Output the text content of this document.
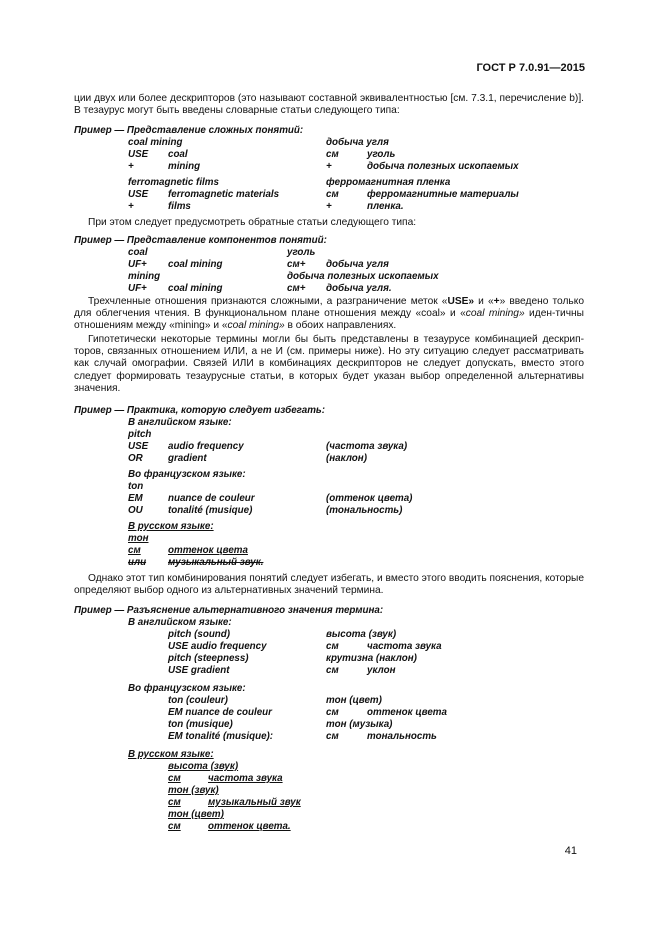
ГОСТ Р 7.0.91—2015
ции двух или более дескрипторов (это называют составной эквивалентностью [см. 7.3.1, перечисление b)]. В тезаурус могут быть введены словарные статьи следующего типа:
Пример — Представление сложных понятий:
coal mining	добыча угля
USE coal	см	уголь
+	mining	+	добыча полезных ископаемых
ferromagnetic films	ферромагнитная пленка
USE ferromagnetic materials	см	ферромагнитные материалы
+	films	+	пленка.
При этом следует предусмотреть обратные статьи следующего типа:
Пример — Представление компонентов понятий:
coal	уголь
UF+ coal mining	см+ добыча угля
mining	добыча полезных ископаемых
UF+ coal mining	см+ добыча угля.
Трехчленные отношения признаются сложными, а разграничение меток «USE» и «+» введено только для облегчения чтения. В функциональном плане отношения между «coal» и «coal mining» иден-тичны отношениям между «mining» и «coal mining» в обоих направлениях.
Гипотетически некоторые термины могли бы быть представлены в тезаурусе комбинацией дескрип-торов, связанных отношением ИЛИ, а не И (см. примеры ниже). Но эту ситуацию следует рассматривать как случай омографии. Связей ИЛИ в комбинациях дескрипторов не следует допускать, вместо этого следует формировать тезаурусные статьи, в которых будет указан выбор определенной альтернативы значения.
Пример — Практика, которую следует избегать:
В английском языке:
pitch
USE audio frequency	(частота звука)
OR	gradient	(наклон)
Во французском языке:
ton
EM	nuance de couleur	(оттенок цвета)
OU	tonalité (musique)	(тональность)
В русском языке:
тон
см	оттенок цвета
или	музыкальный звук.
Однако этот тип комбинирования понятий следует избегать, и вместо этого вводить пояснения, которые определяют выбор одного из альтернативных значений термина.
Пример — Разъяснение альтернативного значения термина:
В английском языке:
pitch (sound)	высота (звук)
USE audio frequency	см	частота звука
pitch (steepness)	крутизна (наклон)
USE gradient	см	уклон
Во французском языке:
ton (couleur)	тон (цвет)
EM nuance de couleur	см	оттенок цвета
ton (musique)	тон (музыка)
EM tonalité (musique):	см	тональность
В русском языке:
высота (звук)
см	частота звука
тон (звук)
см	музыкальный звук
тон (цвет)
см	оттенок цвета.
41
